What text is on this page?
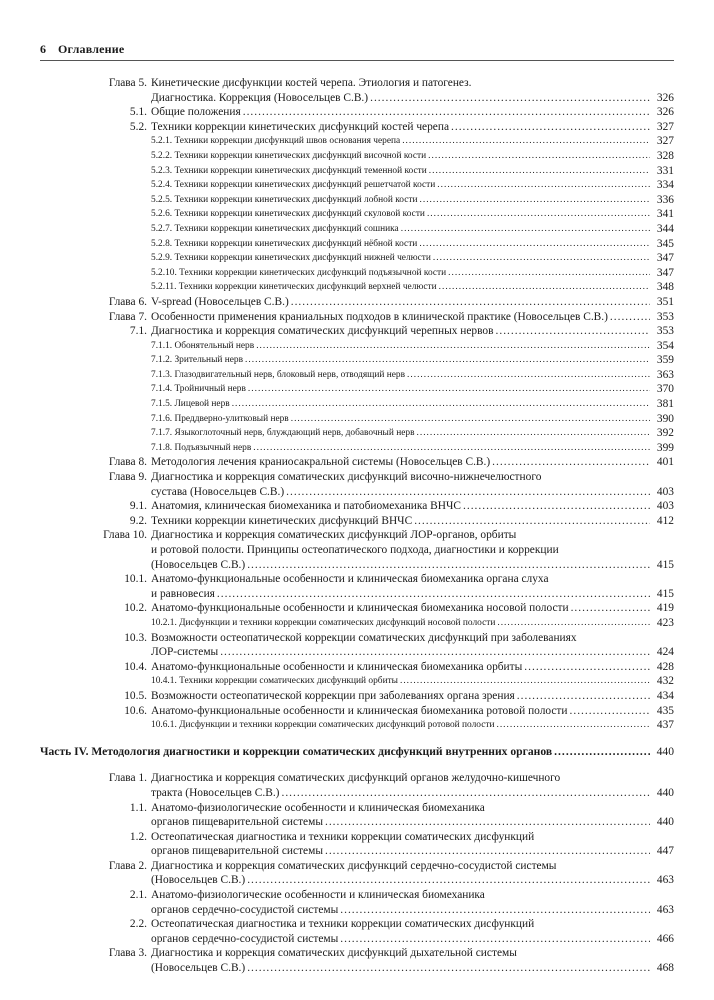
6 Оглавление
Глава 5. Кинетические дисфункции костей черепа. Этиология и патогенез.
Диагностика. Коррекция (Новосельцев С.В.) .....	326
5.1. Общие положения .....	326
5.2. Техники коррекции кинетических дисфункций костей черепа .....	327
5.2.1. Техники коррекции дисфункций швов основания черепа .....	327
5.2.2. Техники коррекции кинетических дисфункций височной кости .....	328
5.2.3. Техники коррекции кинетических дисфункций теменной кости .....	331
5.2.4. Техники коррекции кинетических дисфункций решетчатой кости .....	334
5.2.5. Техники коррекции кинетических дисфункций лобной кости .....	336
5.2.6. Техники коррекции кинетических дисфункций скуловой кости .....	341
5.2.7. Техники коррекции кинетических дисфункций сошника .....	344
5.2.8. Техники коррекции кинетических дисфункций нёбной кости .....	345
5.2.9. Техники коррекции кинетических дисфункций нижней челюсти .....	347
5.2.10. Техники коррекции кинетических дисфункций подъязычной кости .....	347
5.2.11. Техники коррекции кинетических дисфункций верхней челюсти .....	348
Глава 6. V-spread (Новосельцев С.В.) .....	351
Глава 7. Особенности применения краниальных подходов в клинической практике (Новосельцев С.В.) .....	353
7.1. Диагностика и коррекция соматических дисфункций черепных нервов .....	353
7.1.1. Обонятельный нерв .....	354
7.1.2. Зрительный нерв .....	359
7.1.3. Глазодвигательный нерв, блоковый нерв, отводящий нерв .....	363
7.1.4. Тройничный нерв .....	370
7.1.5. Лицевой нерв .....	381
7.1.6. Преддверно-улитковый нерв .....	390
7.1.7. Языкоглоточный нерв, блуждающий нерв, добавочный нерв .....	392
7.1.8. Подъязычный нерв .....	399
Глава 8. Методология лечения краниосакральной системы (Новосельцев С.В.) .....	401
Глава 9. Диагностика и коррекция соматических дисфункций височно-нижнечелюстного
сустава (Новосельцев С.В.) .....	403
9.1. Анатомия, клиническая биомеханика и патобиомеханика ВНЧС .....	403
9.2. Техники коррекции кинетических дисфункций ВНЧС .....	412
Глава 10. Диагностика и коррекция соматических дисфункций ЛОР-органов, орбиты
и ротовой полости. Принципы остеопатического подхода, диагностики и коррекции
(Новосельцев С.В.) .....	415
10.1. Анатомо-функциональные особенности и клиническая биомеханика органа слуха
и равновесия .....	415
10.2. Анатомо-функциональные особенности и клиническая биомеханика носовой полости .....	419
10.2.1. Дисфункции и техники коррекции соматических дисфункций носовой полости .....	423
10.3. Возможности остеопатической коррекции соматических дисфункций при заболеваниях
ЛОР-системы .....	424
10.4. Анатомо-функциональные особенности и клиническая биомеханика орбиты .....	428
10.4.1. Техники коррекции соматических дисфункций орбиты .....	432
10.5. Возможности остеопатической коррекции при заболеваниях органа зрения .....	434
10.6. Анатомо-функциональные особенности и клиническая биомеханика ротовой полости .....	435
10.6.1. Дисфункции и техники коррекции соматических дисфункций ротовой полости .....	437
Часть IV. Методология диагностики и коррекции соматических дисфункций внутренних органов .....	440
Глава 1. Диагностика и коррекция соматических дисфункций органов желудочно-кишечного
тракта (Новосельцев С.В.) .....	440
1.1. Анатомо-физиологические особенности и клиническая биомеханика
органов пищеварительной системы .....	440
1.2. Остеопатическая диагностика и техники коррекции соматических дисфункций
органов пищеварительной системы .....	447
Глава 2. Диагностика и коррекция соматических дисфункций сердечно-сосудистой системы
(Новосельцев С.В.) .....	463
2.1. Анатомо-физиологические особенности и клиническая биомеханика
органов сердечно-сосудистой системы .....	463
2.2. Остеопатическая диагностика и техники коррекции соматических дисфункций
органов сердечно-сосудистой системы .....	466
Глава 3. Диагностика и коррекция соматических дисфункций дыхательной системы
(Новосельцев С.В.) .....	468
